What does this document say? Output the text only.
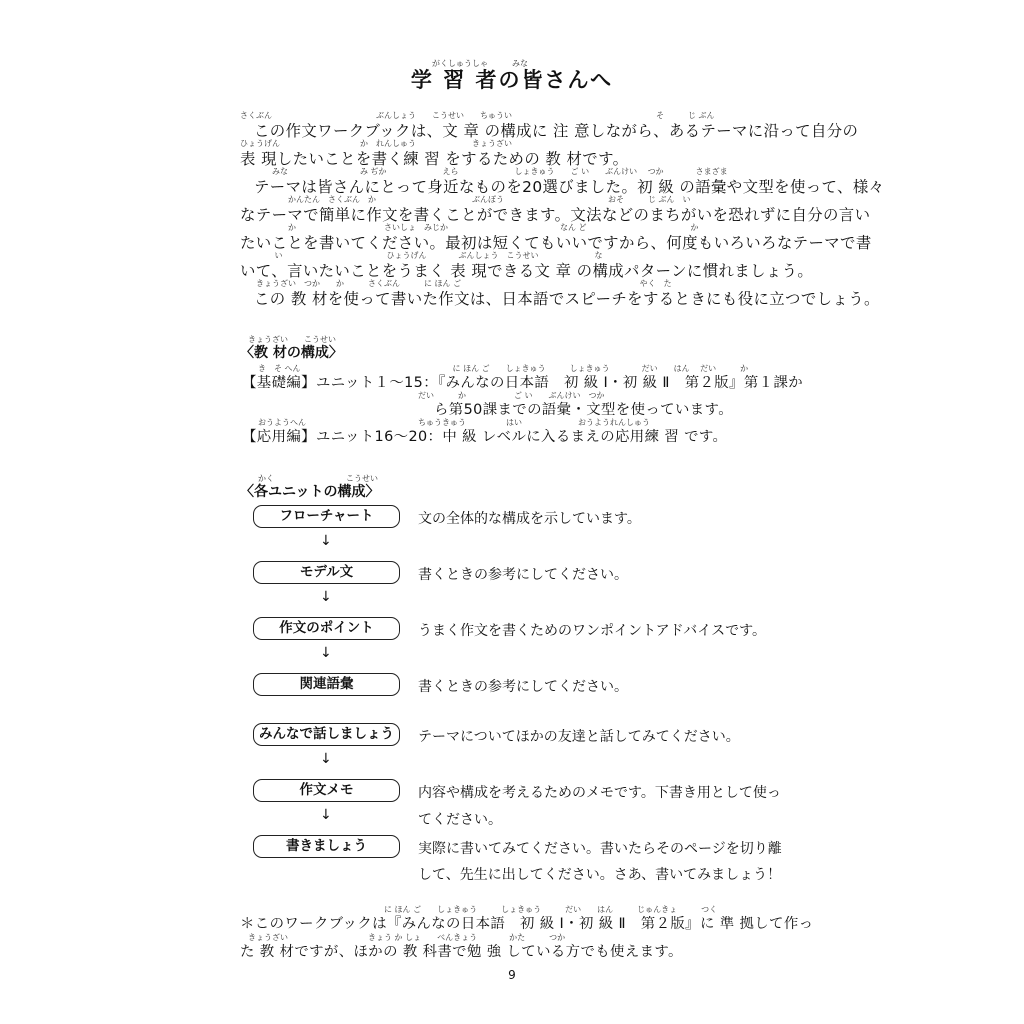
がくしゅうしゃ　　　みな
学 習 者の皆さんへ
さくぶん　　　　　　　　　　　　　ぶんしょう　　こうせい　　ちゅうい　　　　　　　　　　　　　　　　　　そ　　　じ ぶん
この作文ワークブックは、文 章 の構成に 注 意しながら、あるテーマに沿って自分の
ひょうげん　　　　　　　　　　か　れんしゅう　　　　　　　きょうざい
表 現したいことを書く練 習 をするための 教 材です。
　　　　みな　　　　　　　　　み ぢか　　　　　　　えら　　　　　　　しょきゅう　　ご い　　ぶんけい　 つか　　　　さまざま
テーマは皆さんにとって身近なものを20選びました。初 級 の語彙や文型を使って、様々
　　　　　　かんたん　さくぶん　か　　　　　　　　　　　　ぶんぽう　　　　　　　　　　　　　おそ　　　じ ぶん　い
なテーマで簡単に作文を書くことができます。文法などのまちがいを恐れずに自分の言い
　　　　　　か　　　　　　　　　　　さいしょ　みじか　　　　　　　　　　　　　　なん ど　　　　　　　　　　　　　か
たいことを書いてください。最初は短くてもいいですから、何度もいろいろなテーマで書
　　　　 い　　　　　　　　　　　　　ひょうげん　　　　ぶんしょう　こうせい　　　　　　　な
いて、言いたいことをうまく 表 現できる文 章 の構成パターンに慣れましょう。
　　きょうざい　つか　　か　　　さくぶん　　　に ほん ご　　　　　　　　　　　　　　　　　　　　　　 やく　た
この 教 材を使って書いた作文は、日本語でスピーチをするときにも役に立つでしょう。
きょうざい　　こうせい
〈教 材の構成〉
き　そ へん　　　　　　　　　　　　　　　　　　　に ほん ご　　しょきゅう　　　しょきゅう　　　　だい　　はん　 だい　　　か
【基礎編】ユニット１～15：『みんなの日本語　初 級 Ⅰ・初 級 Ⅱ　第２版』第１課か
　　　　　　　　　　　　　　　　　　　　だい　　　か　　　　　　ご い　　ぶんけい　つか
ら第50課までの語彙・文型を使っています。
おうようへん　　　　　　　　　　　　　　ちゅうきゅう　　　　　はい　　　　　　　おうようれんしゅう
【応用編】ユニット16～20：中 級 レベルに入るまえの応用練 習 です。
かく　　　　　　　　　こうせい
〈各ユニットの構成〉
フローチャート	文の全体的な構成を示しています。
↓
モデル文	書くときの参考にしてください。
↓
作文のポイント	うまく作文を書くためのワンポイントアドバイスです。
↓
関連語彙	書くときの参考にしてください。
みんなで話しましょう	テーマについてほかの友達と話してみてください。
↓
作文メモ	内容や構成を考えるためのメモです。下書き用として使っ
てください。
↓
書きましょう	実際に書いてみてください。書いたらそのページを切り離
して、先生に出してください。さあ、書いてみましょう！
　　　　　　　　　　　　　　　　　　に ほん ご　　しょきゅう　　　しょきゅう　　　だい　　はん　　　じゅんきょ　　　つく
＊このワークブックは『みんなの日本語　初 級 Ⅰ・初 級 Ⅱ　第２版』に 準 拠して作っ
　きょうざい　　　　　　　　　　きょう か しょ　　べんきょう　　　　かた　　　つか
た 教 材ですが、ほかの 教 科書で勉 強 している方でも使えます。
9
